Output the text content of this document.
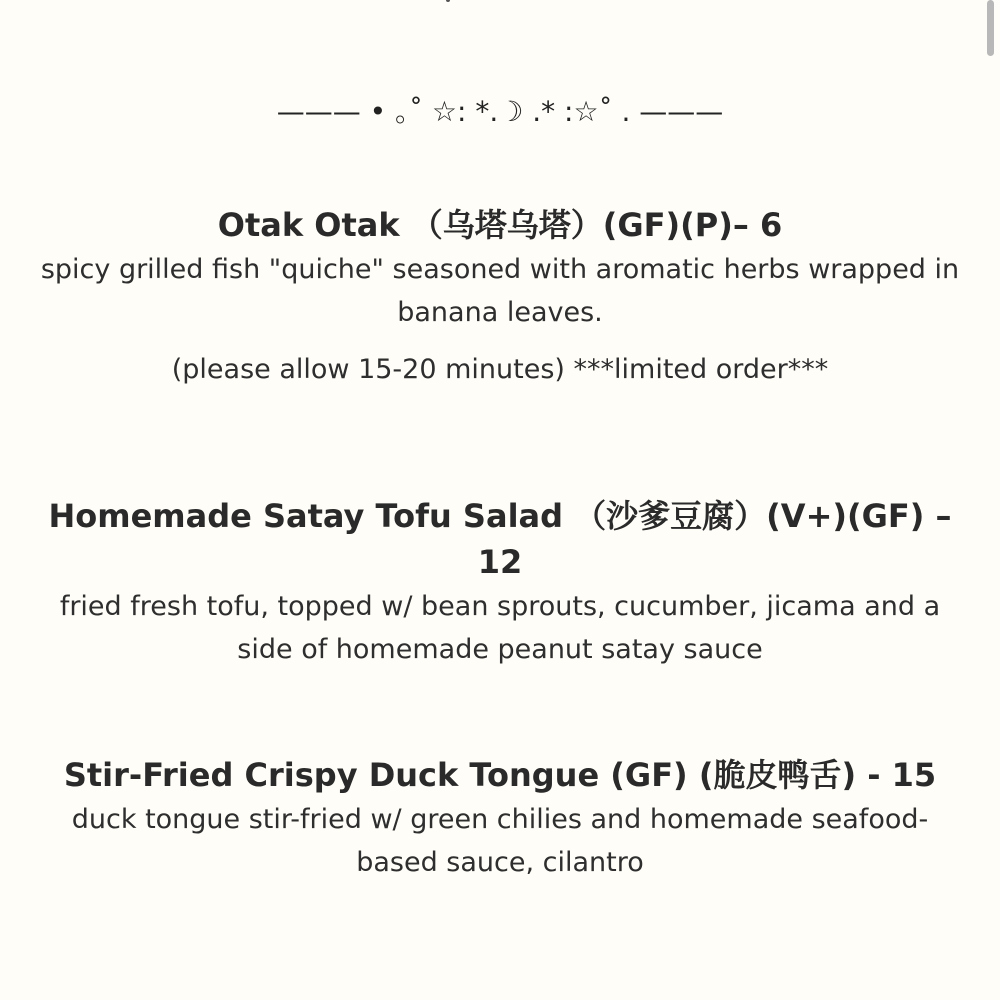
——— • ｡˚ ☆: *.☽ .* :☆˚ . ———

Otak Otak （乌塔乌塔）(GF)(P)– 6

spicy grilled fish "quiche" seasoned with aromatic herbs wrapped in banana leaves.

(please allow 15-20 minutes) ***limited order***

Homemade Satay Tofu Salad （沙爹豆腐）(V+)(GF) – 12

fried fresh tofu, topped w/ bean sprouts, cucumber, jicama and a side of homemade peanut satay sauce

Stir-Fried Crispy Duck Tongue (GF) (脆皮鸭舌) - 15

duck tongue stir-fried w/ green chilies and homemade seafood-based sauce, cilantro
